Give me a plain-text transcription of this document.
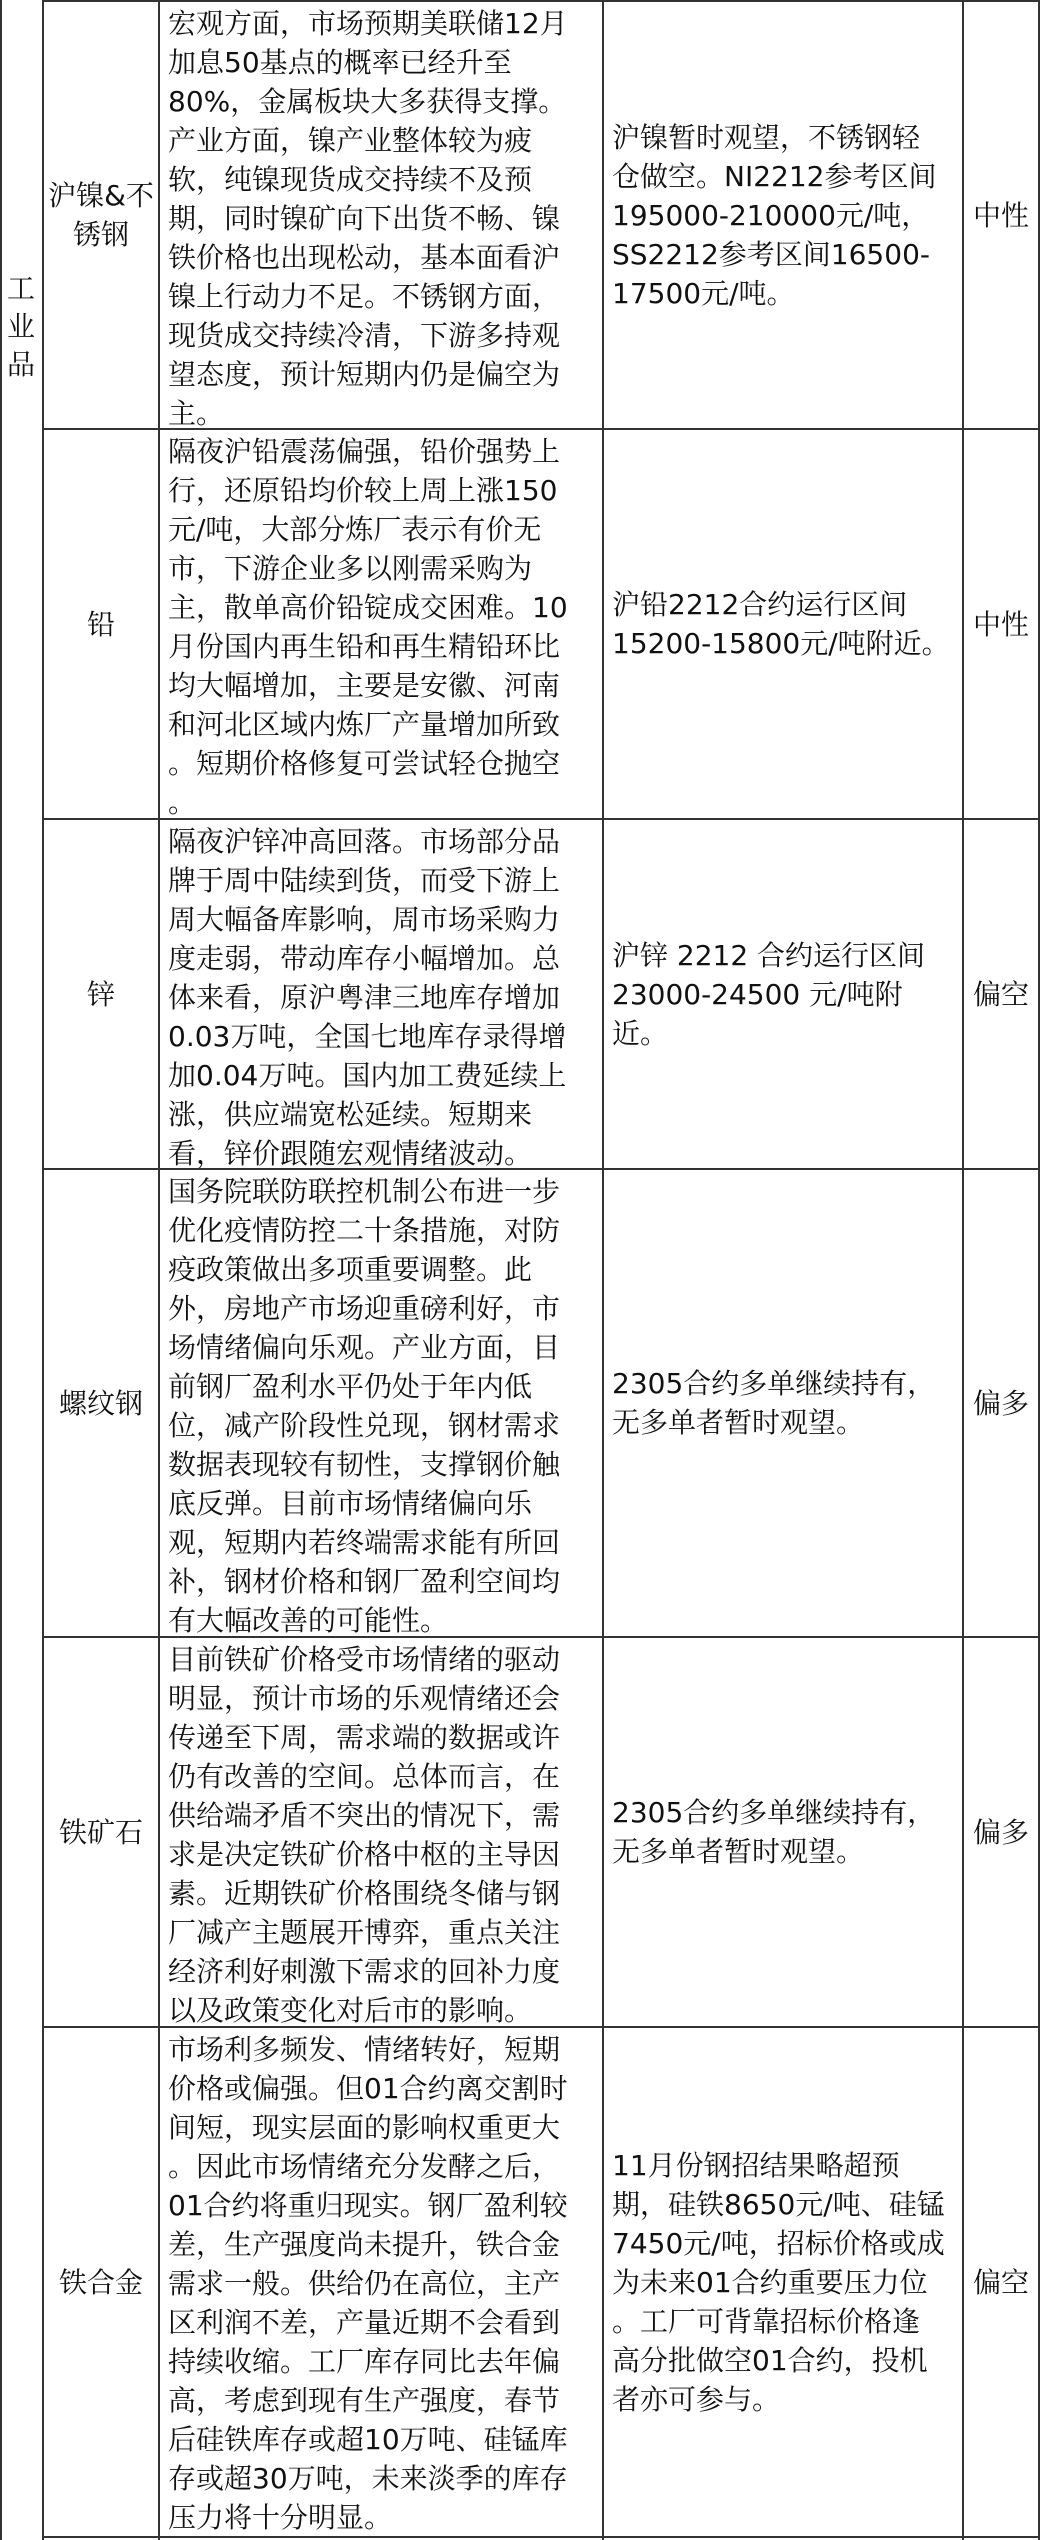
工
业
品
沪镍&不
锈钢
宏观方面，市场预期美联储12月
加息50基点的概率已经升至
80%，金属板块大多获得支撑。
产业方面，镍产业整体较为疲
软，纯镍现货成交持续不及预
期，同时镍矿向下出货不畅、镍
铁价格也出现松动，基本面看沪
镍上行动力不足。不锈钢方面，
现货成交持续冷清，下游多持观
望态度，预计短期内仍是偏空为
主。
沪镍暂时观望，不锈钢轻
仓做空。NI2212参考区间
195000-210000元/吨，
SS2212参考区间16500-
17500元/吨。
中性
铅
隔夜沪铅震荡偏强，铅价强势上
行，还原铅均价较上周上涨150
元/吨，大部分炼厂表示有价无
市，下游企业多以刚需采购为
主，散单高价铅锭成交困难。10
月份国内再生铅和再生精铅环比
均大幅增加，主要是安徽、河南
和河北区域内炼厂产量增加所致
。短期价格修复可尝试轻仓抛空
。
沪铅2212合约运行区间
15200-15800元/吨附近。
中性
锌
隔夜沪锌冲高回落。市场部分品
牌于周中陆续到货，而受下游上
周大幅备库影响，周市场采购力
度走弱，带动库存小幅增加。总
体来看，原沪粤津三地库存增加
0.03万吨，全国七地库存录得增
加0.04万吨。国内加工费延续上
涨，供应端宽松延续。短期来
看，锌价跟随宏观情绪波动。
沪锌 2212 合约运行区间
23000-24500 元/吨附近。
偏空
螺纹钢
国务院联防联控机制公布进一步
优化疫情防控二十条措施，对防
疫政策做出多项重要调整。此
外，房地产市场迎重磅利好，市
场情绪偏向乐观。产业方面，目
前钢厂盈利水平仍处于年内低
位，减产阶段性兑现，钢材需求
数据表现较有韧性，支撑钢价触
底反弹。目前市场情绪偏向乐
观，短期内若终端需求能有所回
补，钢材价格和钢厂盈利空间均
有大幅改善的可能性。
2305合约多单继续持有，
无多单者暂时观望。
偏多
铁矿石
目前铁矿价格受市场情绪的驱动
明显，预计市场的乐观情绪还会
传递至下周，需求端的数据或许
仍有改善的空间。总体而言，在
供给端矛盾不突出的情况下，需
求是决定铁矿价格中枢的主导因
素。近期铁矿价格围绕冬储与钢
厂减产主题展开博弈，重点关注
经济利好刺激下需求的回补力度
以及政策变化对后市的影响。
2305合约多单继续持有，
无多单者暂时观望。
偏多
铁合金
市场利多频发、情绪转好，短期
价格或偏强。但01合约离交割时
间短，现实层面的影响权重更大
。因此市场情绪充分发酵之后，
01合约将重归现实。钢厂盈利较
差，生产强度尚未提升，铁合金
需求一般。供给仍在高位，主产
区利润不差，产量近期不会看到
持续收缩。工厂库存同比去年偏
高，考虑到现有生产强度，春节
后硅铁库存或超10万吨、硅锰库
存或超30万吨，未来淡季的库存
压力将十分明显。
11月份钢招结果略超预
期，硅铁8650元/吨、硅锰
7450元/吨，招标价格或成
为未来01合约重要压力位
。工厂可背靠招标价格逢
高分批做空01合约，投机
者亦可参与。
偏空
